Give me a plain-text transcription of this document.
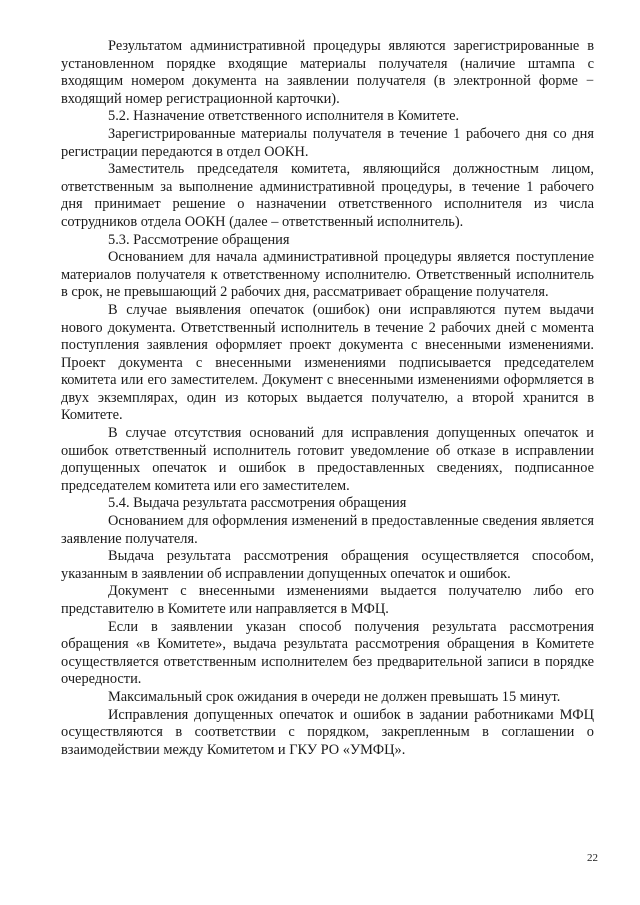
Результатом административной процедуры являются зарегистрированные в установленном порядке входящие материалы получателя (наличие штампа с входящим номером документа на заявлении получателя (в электронной форме − входящий номер регистрационной карточки).

5.2. Назначение ответственного исполнителя в Комитете.

Зарегистрированные материалы получателя в течение 1 рабочего дня со дня регистрации передаются в отдел ООКН.

Заместитель председателя комитета, являющийся должностным лицом, ответственным за выполнение административной процедуры, в течение 1 рабочего дня принимает решение о назначении ответственного исполнителя из числа сотрудников отдела ООКН (далее – ответственный исполнитель).

5.3. Рассмотрение обращения

Основанием для начала административной процедуры является поступление материалов получателя к ответственному исполнителю. Ответственный исполнитель в срок, не превышающий 2 рабочих дня, рассматривает обращение получателя.

В случае выявления опечаток (ошибок) они исправляются путем выдачи нового документа. Ответственный исполнитель в течение 2 рабочих дней с момента поступления заявления оформляет проект документа с внесенными изменениями. Проект документа с внесенными изменениями подписывается председателем комитета или его заместителем. Документ с внесенными изменениями оформляется в двух экземплярах, один из которых выдается получателю, а второй хранится в Комитете.

В случае отсутствия оснований для исправления допущенных опечаток и ошибок ответственный исполнитель готовит уведомление об отказе в исправлении допущенных опечаток и ошибок в предоставленных сведениях, подписанное председателем комитета или его заместителем.

5.4. Выдача результата рассмотрения обращения

Основанием для оформления изменений в предоставленные сведения является заявление получателя.

Выдача результата рассмотрения обращения осуществляется способом, указанным в заявлении об исправлении допущенных опечаток и ошибок.

Документ с внесенными изменениями выдается получателю либо его представителю в Комитете или направляется в МФЦ.

Если в заявлении указан способ получения результата рассмотрения обращения «в Комитете», выдача результата рассмотрения обращения в Комитете осуществляется ответственным исполнителем без предварительной записи в порядке очередности.

Максимальный срок ожидания в очереди не должен превышать 15 минут.

Исправления допущенных опечаток и ошибок в задании работниками МФЦ осуществляются в соответствии с порядком, закрепленным в соглашении о взаимодействии между Комитетом и ГКУ РО «УМФЦ».

22
